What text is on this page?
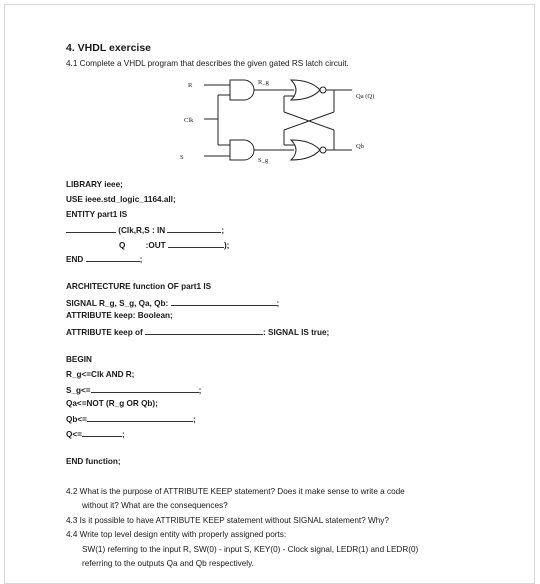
4. VHDL exercise
4.1 Complete a VHDL program that describes the given gated RS latch circuit.
R	R_g
Clk
S	S_g
Qa (Q)
Qb
LIBRARY ieee;
USE ieee.std_logic_1164.all;
ENTITY part1 IS
(Clk,R,S : IN	;
Q :OUT	);
END	;
ARCHITECTURE function OF part1 IS
SIGNAL R_g, S_g, Qa, Qb:	;
ATTRIBUTE keep: Boolean;
ATTRIBUTE keep of	: SIGNAL IS true;
BEGIN
R_g<=Clk AND R;
S_g<=	;
Qa<=NOT (R_g OR Qb);
Qb<=	;
Q<=	;
END function;
4.2 What is the purpose of ATTRIBUTE KEEP statement? Does it make sense to write a code
without it? What are the consequences?
4.3 Is it possible to have ATTRIBUTE KEEP statement without SIGNAL statement? Why?
4.4 Write top level design entity with properly assigned ports:
SW(1) referring to the input R, SW(0) - input S, KEY(0) - Clock signal, LEDR(1) and LEDR(0)
referring to the outputs Qa and Qb respectively.
